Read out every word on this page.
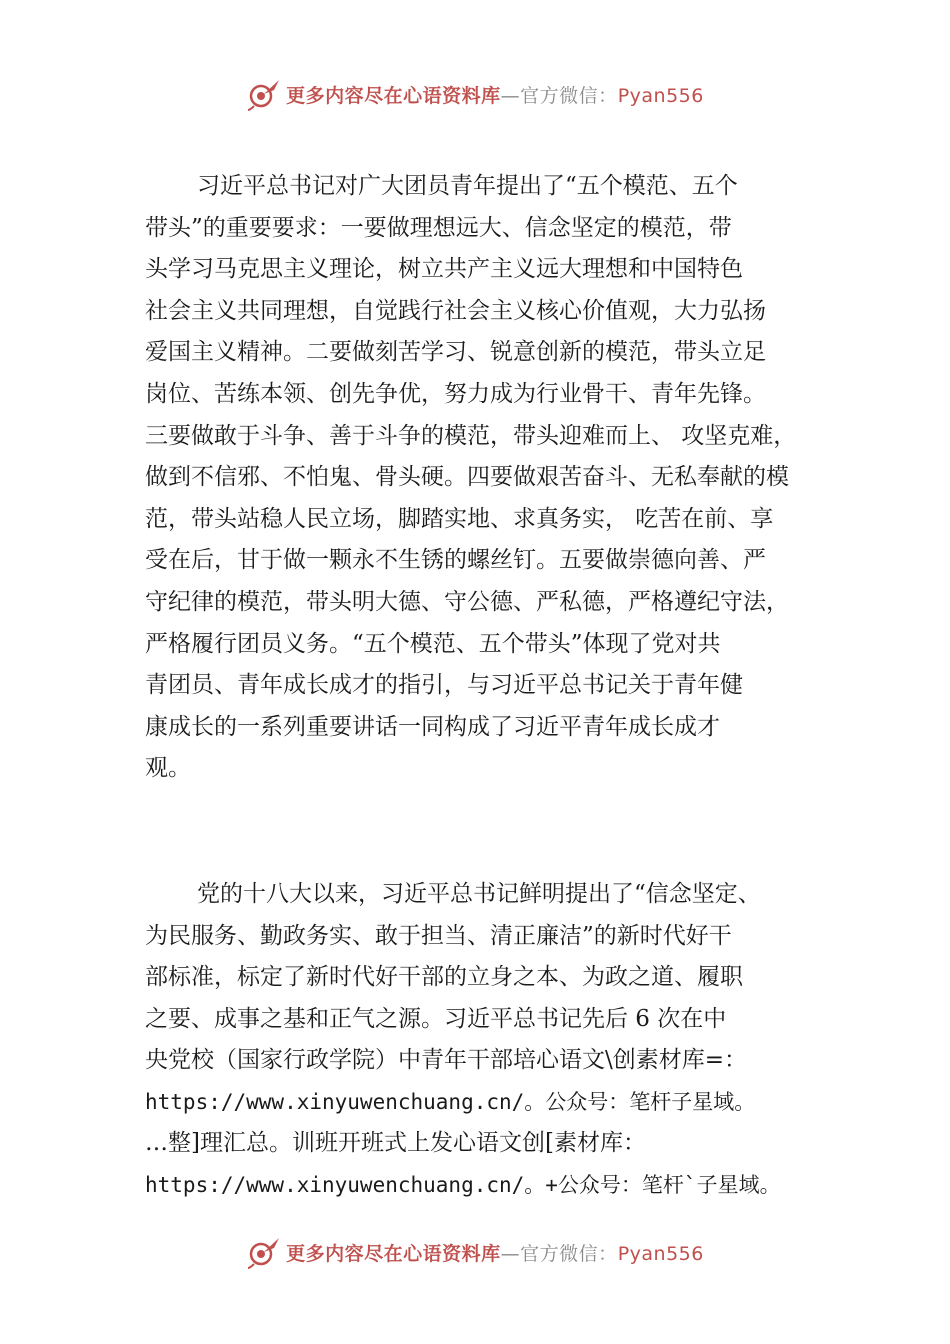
更多内容尽在心语资料库—官方微信：Pyan556
习近平总书记对广大团员青年提出了“五个模范、五个
带头”的重要要求：一要做理想远大、信念坚定的模范，带
头学习马克思主义理论，树立共产主义远大理想和中国特色
社会主义共同理想，自觉践行社会主义核心价值观，大力弘扬
爱国主义精神。二要做刻苦学习、锐意创新的模范，带头立足
岗位、苦练本领、创先争优，努力成为行业骨干、青年先锋。
三要做敢于斗争、善于斗争的模范，带头迎难而上、 攻坚克难，
做到不信邪、不怕鬼、骨头硬。四要做艰苦奋斗、无私奉献的模
范，带头站稳人民立场，脚踏实地、求真务实， 吃苦在前、享
受在后，甘于做一颗永不生锈的螺丝钉。五要做崇德向善、严
守纪律的模范，带头明大德、守公德、严私德，严格遵纪守法，
严格履行团员义务。“五个模范、五个带头”体现了党对共
青团员、青年成长成才的指引，与习近平总书记关于青年健
康成长的一系列重要讲话一同构成了习近平青年成长成才
观。
党的十八大以来，习近平总书记鲜明提出了“信念坚定、
为民服务、勤政务实、敢于担当、清正廉洁”的新时代好干
部标准，标定了新时代好干部的立身之本、为政之道、履职
之要、成事之基和正气之源。习近平总书记先后 6 次在中
央党校（国家行政学院）中青年干部培心语文\创素材库=：
https://www.xinyuwenchuang.cn/。公众号：笔杆子星域。
…整]理汇总。训班开班式上发心语文创[素材库：
https://www.xinyuwenchuang.cn/。+公众号：笔杆`子星域。
更多内容尽在心语资料库—官方微信：Pyan556
